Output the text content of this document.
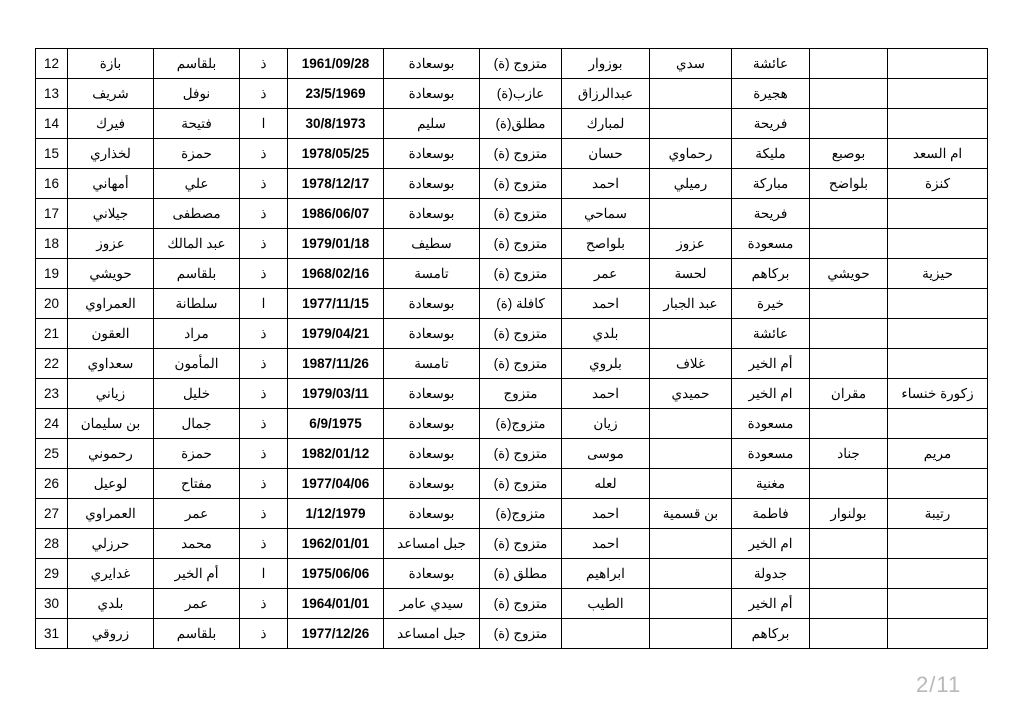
		عائشة	سدي	بوزوار	متزوج (ة)	بوسعادة	1961/09/28	ذ	بلقاسم	بازة	12
		هجيرة		عبدالرزاق	عازب(ة)	بوسعادة	23/5/1969	ذ	نوفل	شريف	13
		فريحة		لمبارك	مطلق(ة)	سليم	30/8/1973	ا	فتيحة	فيرك	14
ام السعد	بوصبع	مليكة	رحماوي	حسان	متزوج (ة)	بوسعادة	1978/05/25	ذ	حمزة	لخذاري	15
كنزة	بلواضح	مباركة	رميلي	احمد	متزوج (ة)	بوسعادة	1978/12/17	ذ	علي	أمهاني	16
		فريحة		سماحي	متزوج (ة)	بوسعادة	1986/06/07	ذ	مصطفى	جيلاني	17
		مسعودة	عزوز	بلواصح	متزوج (ة)	سطيف	1979/01/18	ذ	عبد المالك	عزوز	18
حيزية	حويشي	بركاهم	لحسة	عمر	متزوج (ة)	تامسة	1968/02/16	ذ	بلقاسم	حويشي	19
		خيرة	عبد الجبار	احمد	كافلة (ة)	بوسعادة	1977/11/15	ا	سلطانة	العمراوي	20
		عائشة		بلدي	متزوج (ة)	بوسعادة	1979/04/21	ذ	مراد	العقون	21
		أم الخير	غلاف	بلروي	متزوج (ة)	تامسة	1987/11/26	ذ	المأمون	سعداوي	22
زكورة خنساء	مقران	ام الخير	حميدي	احمد	متزوج	بوسعادة	1979/03/11	ذ	خليل	زياني	23
		مسعودة		زيان	متزوج(ة)	بوسعادة	6/9/1975	ذ	جمال	بن سليمان	24
مريم	جناد	مسعودة		موسى	متزوج (ة)	بوسعادة	1982/01/12	ذ	حمزة	رحموني	25
		مغنية		لعله	متزوج (ة)	بوسعادة	1977/04/06	ذ	مفتاح	لوعيل	26
رتيبة	بولنوار	فاطمة	بن قسمية	احمد	متزوج(ة)	بوسعادة	1/12/1979	ذ	عمر	العمراوي	27
		ام الخير		احمد	متزوج (ة)	جبل امساعد	1962/01/01	ذ	محمد	حرزلي	28
		جدولة		ابراهيم	مطلق (ة)	بوسعادة	1975/06/06	ا	أم الخير	غدايري	29
		أم الخير		الطيب	متزوج (ة)	سيدي عامر	1964/01/01	ذ	عمر	بلدي	30
		بركاهم			متزوج (ة)	جبل امساعد	1977/12/26	ذ	بلقاسم	زروقي	31
2/11
